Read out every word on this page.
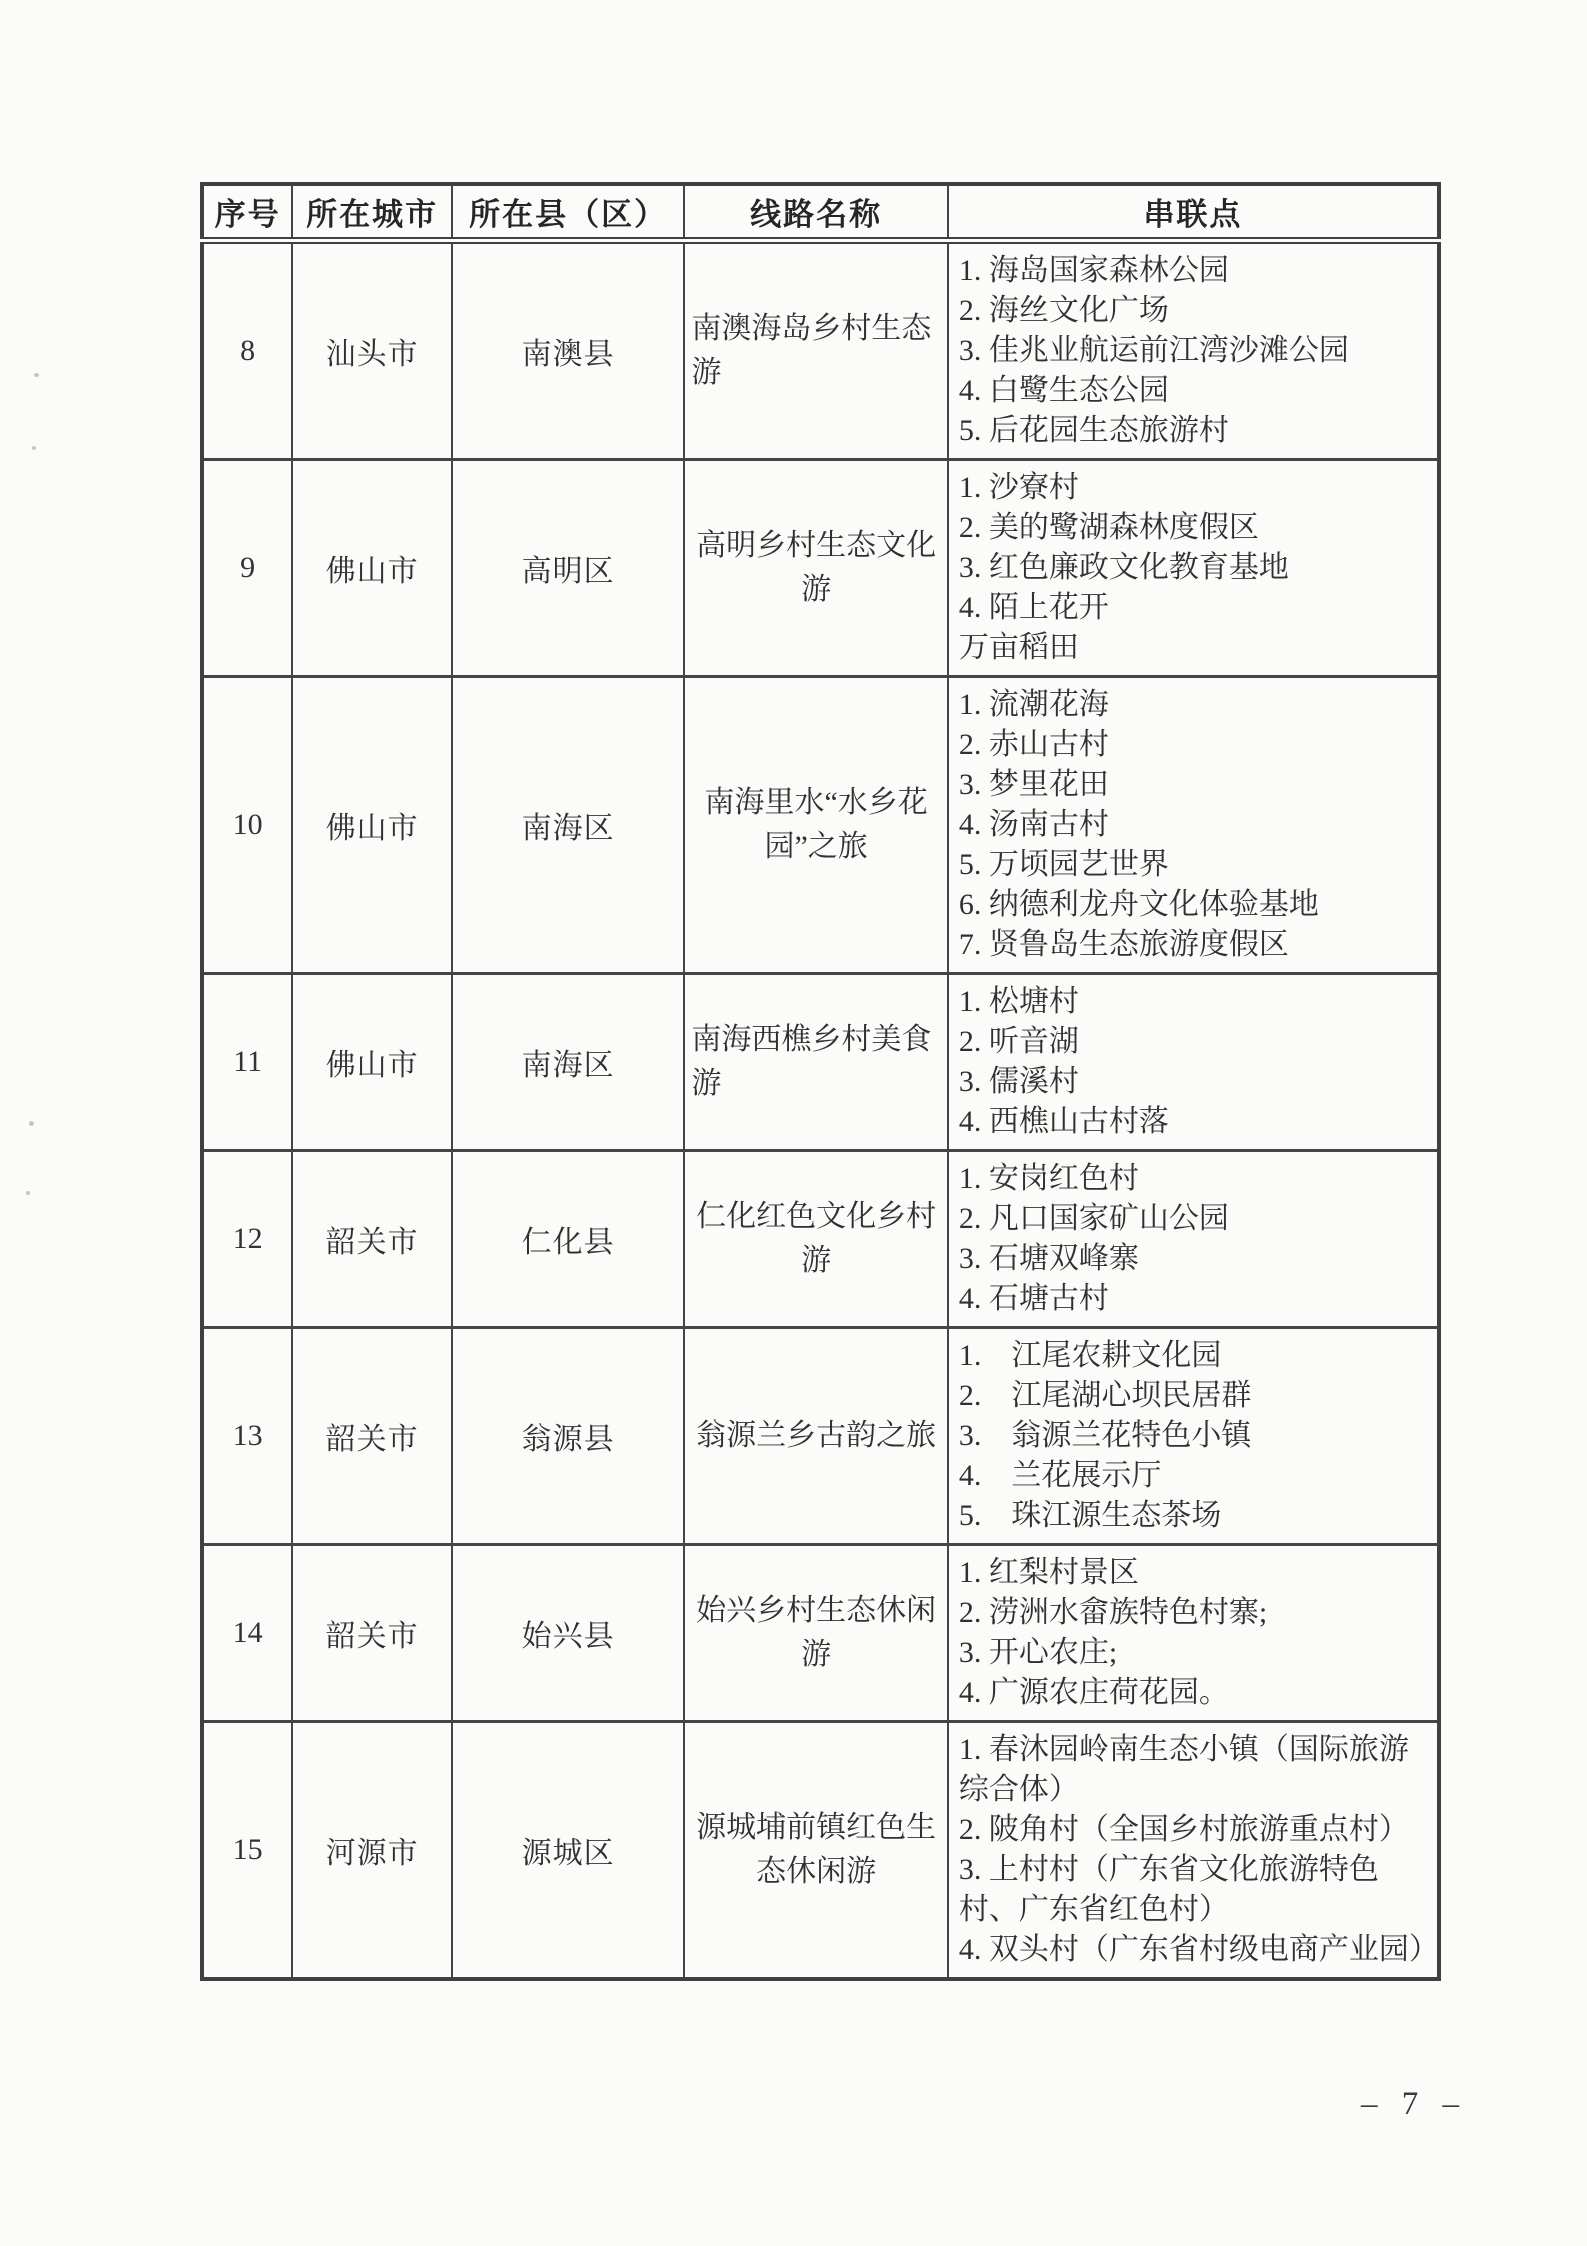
序号	所在城市	所在县（区）	线路名称	串联点
8	汕头市	南澳县	南澳海岛乡村生态游	1. 海岛国家森林公园
2. 海丝文化广场
3. 佳兆业航运前江湾沙滩公园
4. 白鹭生态公园
5. 后花园生态旅游村

9	佛山市	高明区	高明乡村生态文化游	1. 沙寮村
2. 美的鹭湖森林度假区
3. 红色廉政文化教育基地
4. 陌上花开
万亩稻田

10	佛山市	南海区	南海里水“水乡花园”之旅	
1. 流潮花海
2. 赤山古村
3. 梦里花田
4. 汤南古村
5. 万顷园艺世界
6. 纳德利龙舟文化体验基地
7. 贤鲁岛生态旅游度假区

11	佛山市	南海区	南海西樵乡村美食游	1. 松塘村
2. 听音湖
3. 儒溪村
4. 西樵山古村落

12	韶关市	仁化县	仁化红色文化乡村游	1. 安岗红色村
2. 凡口国家矿山公园
3. 石塘双峰寨
4. 石塘古村

13	韶关市	翁源县	翁源兰乡古韵之旅	1.　江尾农耕文化园
2.　江尾湖心坝民居群
3.　翁源兰花特色小镇
4.　兰花展示厅
5.　珠江源生态茶场

14	韶关市	始兴县	始兴乡村生态休闲游	1. 红梨村景区
2. 涝洲水畲族特色村寨;
3. 开心农庄;
4. 广源农庄荷花园。

15	河源市	源城区	源城埔前镇红色生态休闲游	1. 春沐园岭南生态小镇（国际旅游综合体）
2. 陂角村（全国乡村旅游重点村）
3. 上村村（广东省文化旅游特色村、广东省红色村）
4. 双头村（广东省村级电商产业园）
– 7 –
